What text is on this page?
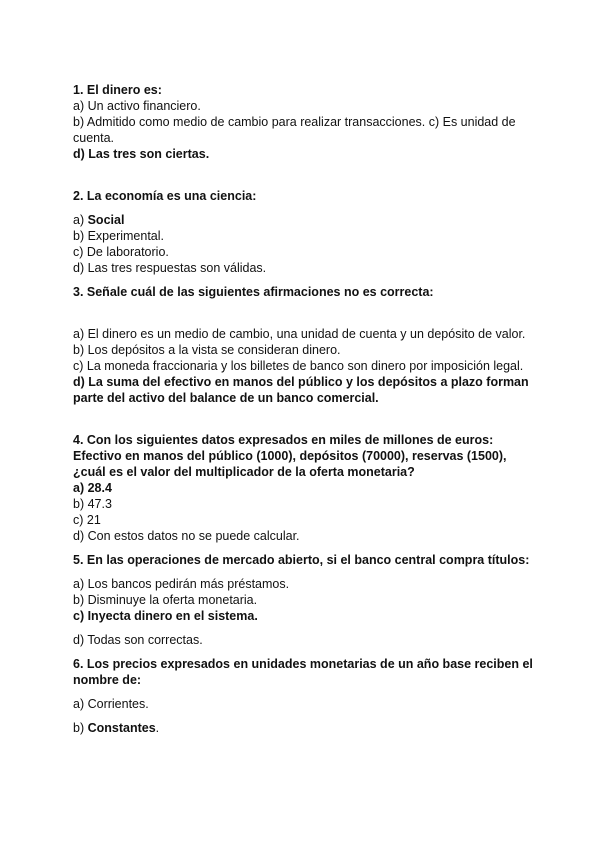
1. El dinero es:
a) Un activo financiero.
b) Admitido como medio de cambio para realizar transacciones. c) Es unidad de cuenta.
d) Las tres son ciertas.
2. La economía es una ciencia:
a) Social
b) Experimental.
c) De laboratorio.
d) Las tres respuestas son válidas.
3. Señale cuál de las siguientes afirmaciones no es correcta:
a) El dinero es un medio de cambio, una unidad de cuenta y un depósito de valor.
b) Los depósitos a la vista se consideran dinero.
c) La moneda fraccionaria y los billetes de banco son dinero por imposición legal.
d) La suma del efectivo en manos del público y los depósitos a plazo forman parte del activo del balance de un banco comercial.
4. Con los siguientes datos expresados en miles de millones de euros: Efectivo en manos del público (1000), depósitos (70000), reservas (1500), ¿cuál es el valor del multiplicador de la oferta monetaria?
a) 28.4
b) 47.3
c) 21
d) Con estos datos no se puede calcular.
5. En las operaciones de mercado abierto, si el banco central compra títulos:
a) Los bancos pedirán más préstamos.
b) Disminuye la oferta monetaria.
c) Inyecta dinero en el sistema.
d) Todas son correctas.
6. Los precios expresados en unidades monetarias de un año base reciben el nombre de:
a) Corrientes.
b) Constantes.
